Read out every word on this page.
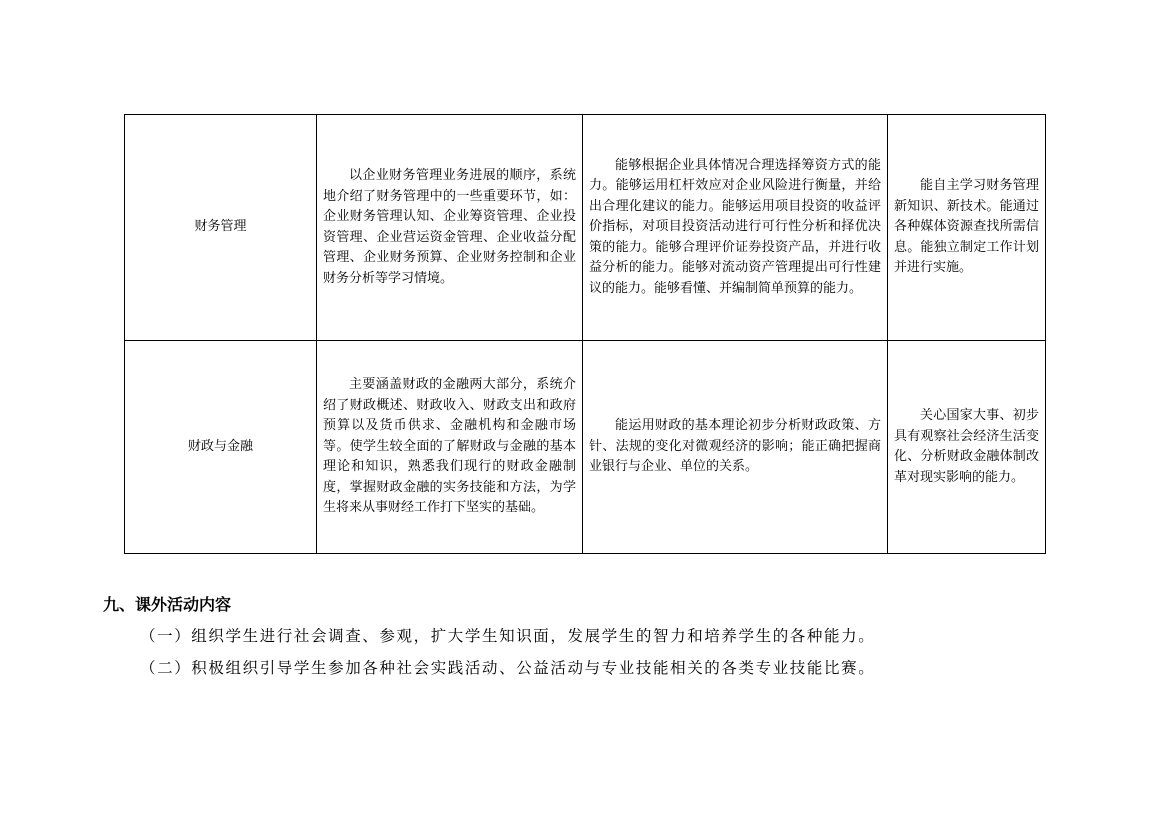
财务管理	以企业财务管理业务进展的顺序，系统地介绍了财务管理中的一些重要环节，如：企业财务管理认知、企业筹资管理、企业投资管理、企业营运资金管理、企业收益分配管理、企业财务预算、企业财务控制和企业财务分析等学习情境。	能够根据企业具体情况合理选择筹资方式的能力。能够运用杠杆效应对企业风险进行衡量，并给出合理化建议的能力。能够运用项目投资的收益评价指标，对项目投资活动进行可行性分析和择优决策的能力。能够合理评价证券投资产品，并进行收益分析的能力。能够对流动资产管理提出可行性建议的能力。能够看懂、并编制简单预算的能力。	能自主学习财务管理新知识、新技术。能通过各种媒体资源查找所需信息。能独立制定工作计划并进行实施。
财政与金融	主要涵盖财政的金融两大部分，系统介绍了财政概述、财政收入、财政支出和政府预算以及货币供求、金融机构和金融市场等。使学生较全面的了解财政与金融的基本理论和知识，熟悉我们现行的财政金融制度，掌握财政金融的实务技能和方法，为学生将来从事财经工作打下坚实的基础。	能运用财政的基本理论初步分析财政政策、方针、法规的变化对微观经济的影响；能正确把握商业银行与企业、单位的关系。	关心国家大事、初步具有观察社会经济生活变化、分析财政金融体制改革对现实影响的能力。
九、课外活动内容

（一）组织学生进行社会调查、参观，扩大学生知识面，发展学生的智力和培养学生的各种能力。

（二）积极组织引导学生参加各种社会实践活动、公益活动与专业技能相关的各类专业技能比赛。
